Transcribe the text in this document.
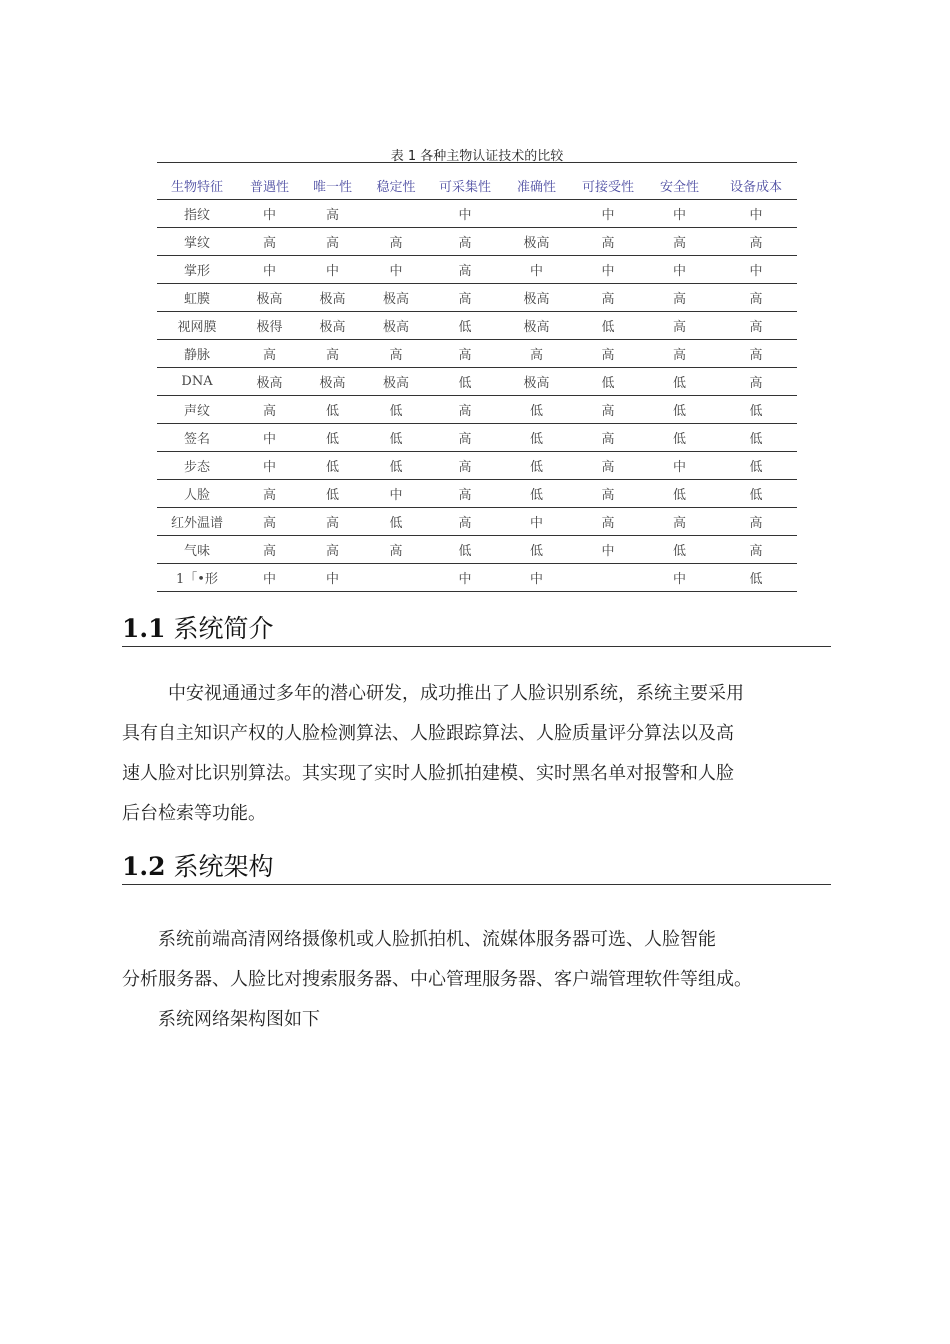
表 1 各种主物认证技术的比较
生物特征	普遇性	唯一性	稳定性	可采集性	准确性	可接受性	安全性	设备成本
指纹	中	高		中		中	中	中
掌纹	高	高	高	高	极高	高	高	高
掌形	中	中	中	高	中	中	中	中
虹膜	极高	极高	极高	高	极高	高	高	高
视网膜	极得	极高	极高	低	极高	低	高	高
静脉	高	高	高	高	高	高	高	高
DNA	极高	极高	极高	低	极高	低	低	高
声纹	高	低	低	高	低	高	低	低
签名	中	低	低	高	低	高	低	低
步态	中	低	低	高	低	高	中	低
人脸	高	低	中	高	低	高	低	低
红外温谱	高	高	低	高	中	高	高	高
气味	高	高	高	低	低	中	低	高
1「•形	中	中		中	中		中	低
1.1 系统简介
中安视通通过多年的潜心研发，成功推出了人脸识别系统，系统主要采用
具有自主知识产权的人脸检测算法、人脸跟踪算法、人脸质量评分算法以及高
速人脸对比识别算法。其实现了实时人脸抓拍建模、实时黑名单对报警和人脸
后台检索等功能。
1.2 系统架构
系统前端高清网络摄像机或人脸抓拍机、流媒体服务器可选、人脸智能
分析服务器、人脸比对搜索服务器、中心管理服务器、客户端管理软件等组成。
系统网络架构图如下
